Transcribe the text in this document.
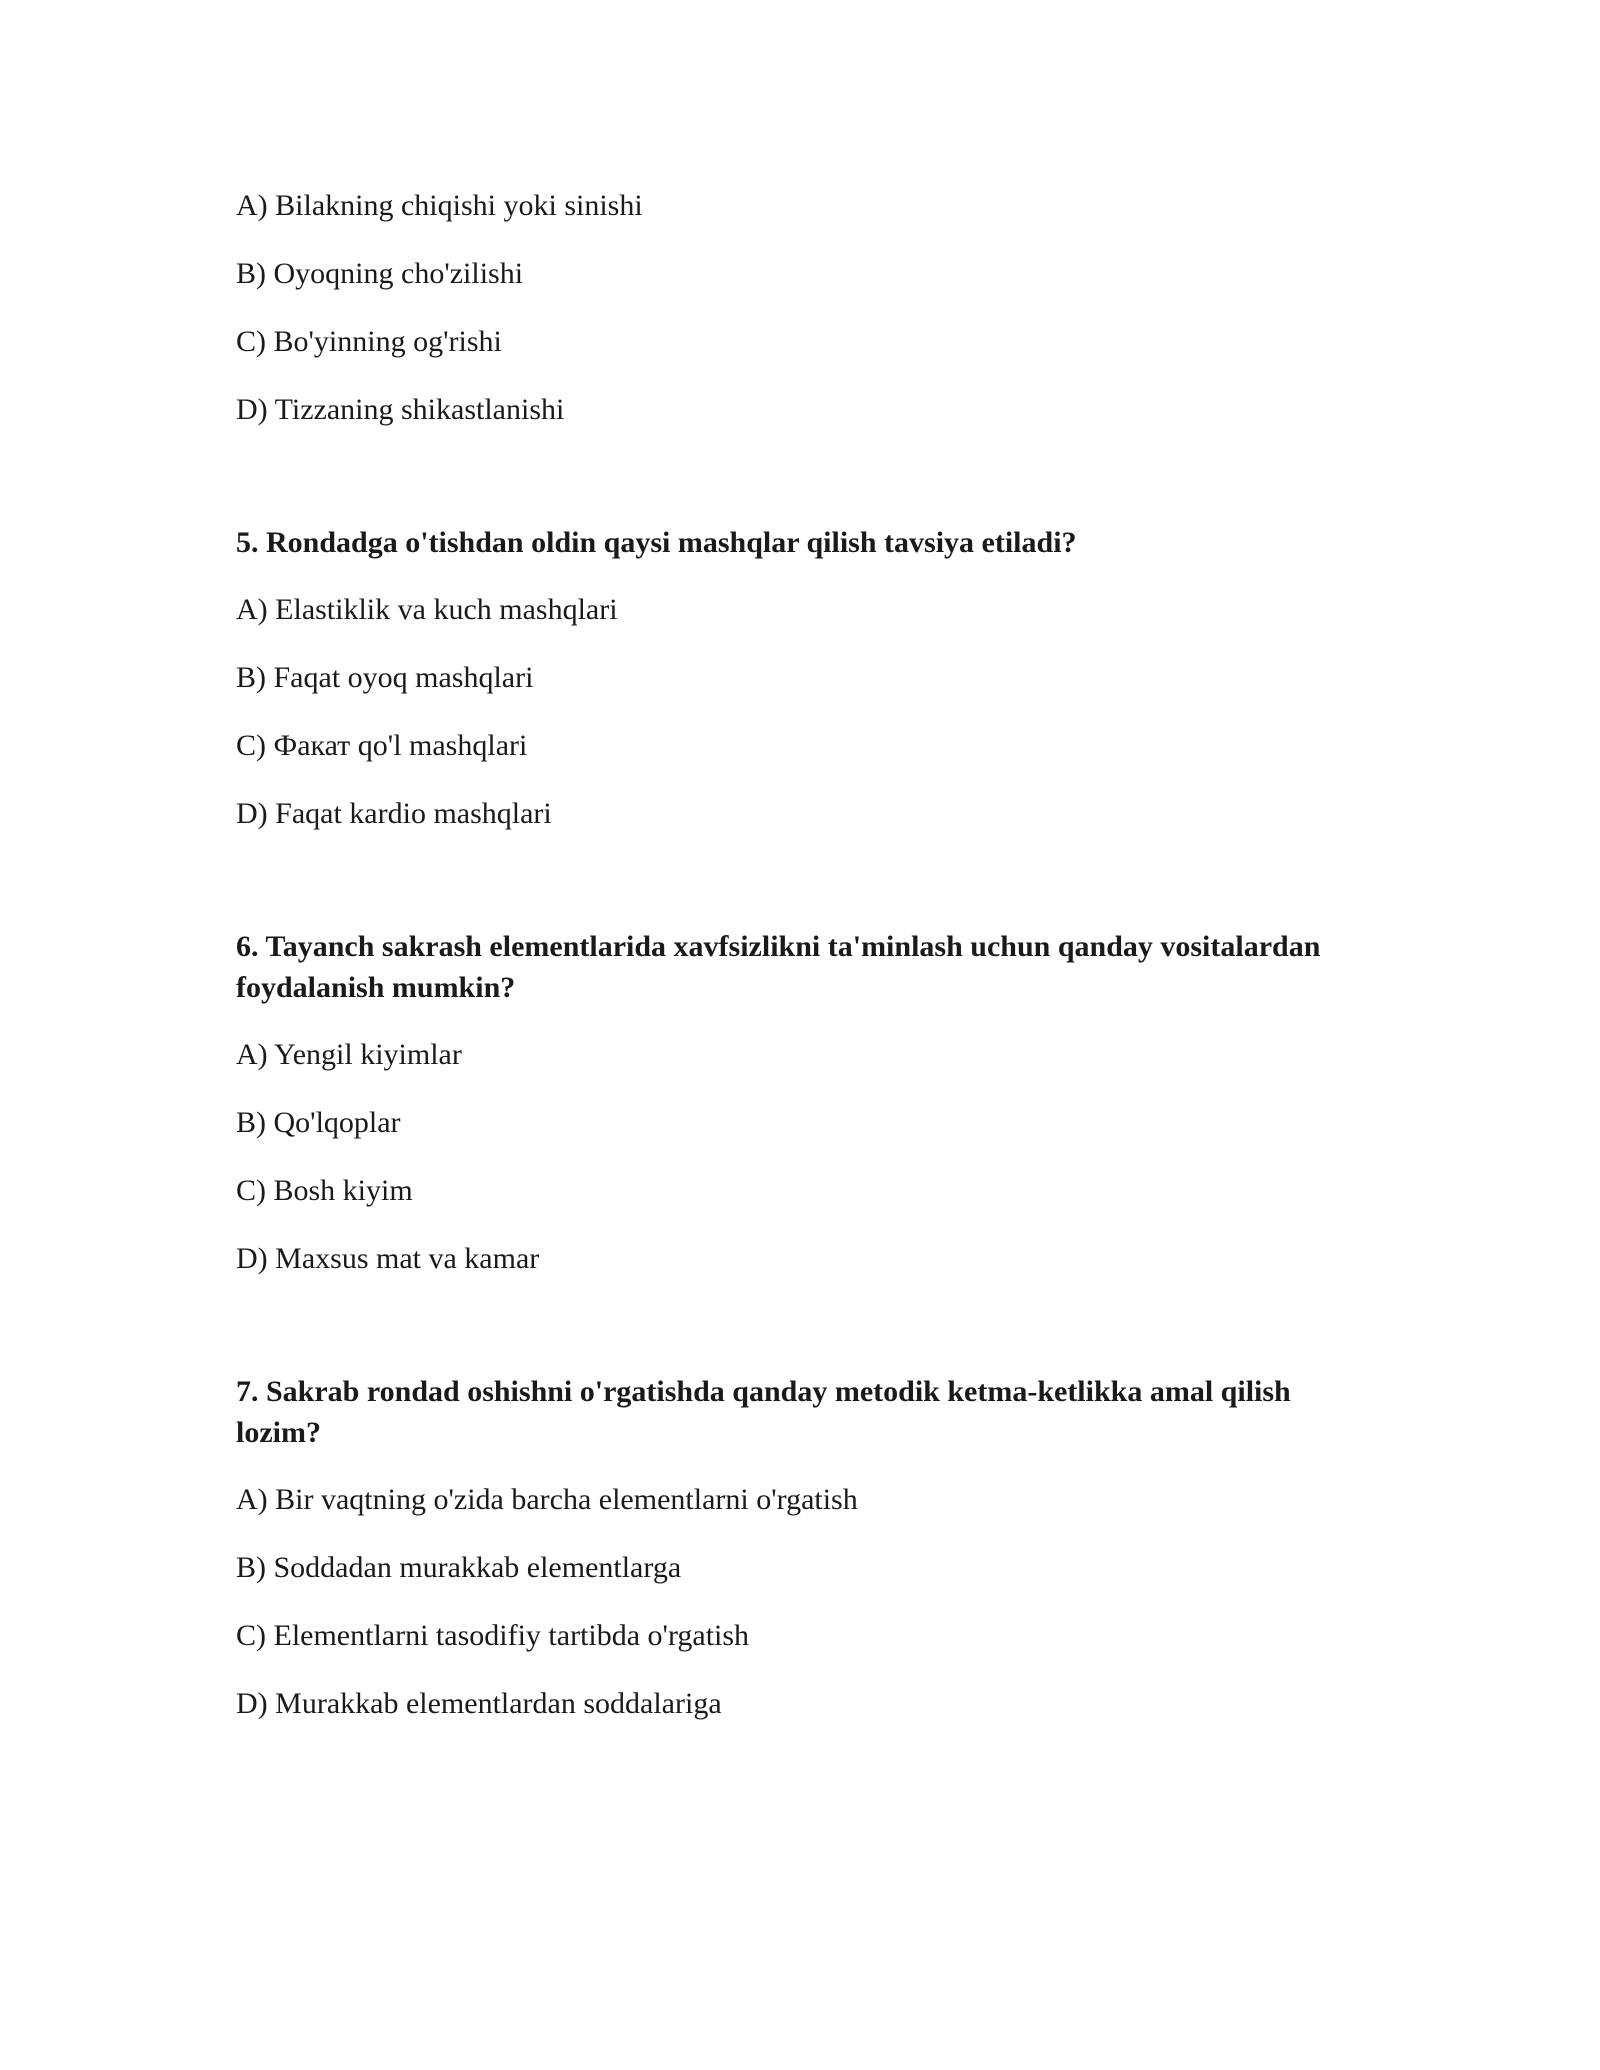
A) Bilakning chiqishi yoki sinishi
B) Oyoqning cho'zilishi
C) Bo'yinning og'rishi
D) Tizzaning shikastlanishi
5. Rondadga o'tishdan oldin qaysi mashqlar qilish tavsiya etiladi?
A) Elastiklik va kuch mashqlari
B) Faqat oyoq mashqlari
C) Факат qo'l mashqlari
D) Faqat kardio mashqlari
6. Tayanch sakrash elementlarida xavfsizlikni ta'minlash uchun qanday vositalardan foydalanish mumkin?
A) Yengil kiyimlar
B) Qo'lqoplar
C) Bosh kiyim
D) Maxsus mat va kamar
7. Sakrab rondad oshishni o'rgatishda qanday metodik ketma-ketlikka amal qilish lozim?
A) Bir vaqtning o'zida barcha elementlarni o'rgatish
B) Soddadan murakkab elementlarga
C) Elementlarni tasodifiy tartibda o'rgatish
D) Murakkab elementlardan soddalariga
